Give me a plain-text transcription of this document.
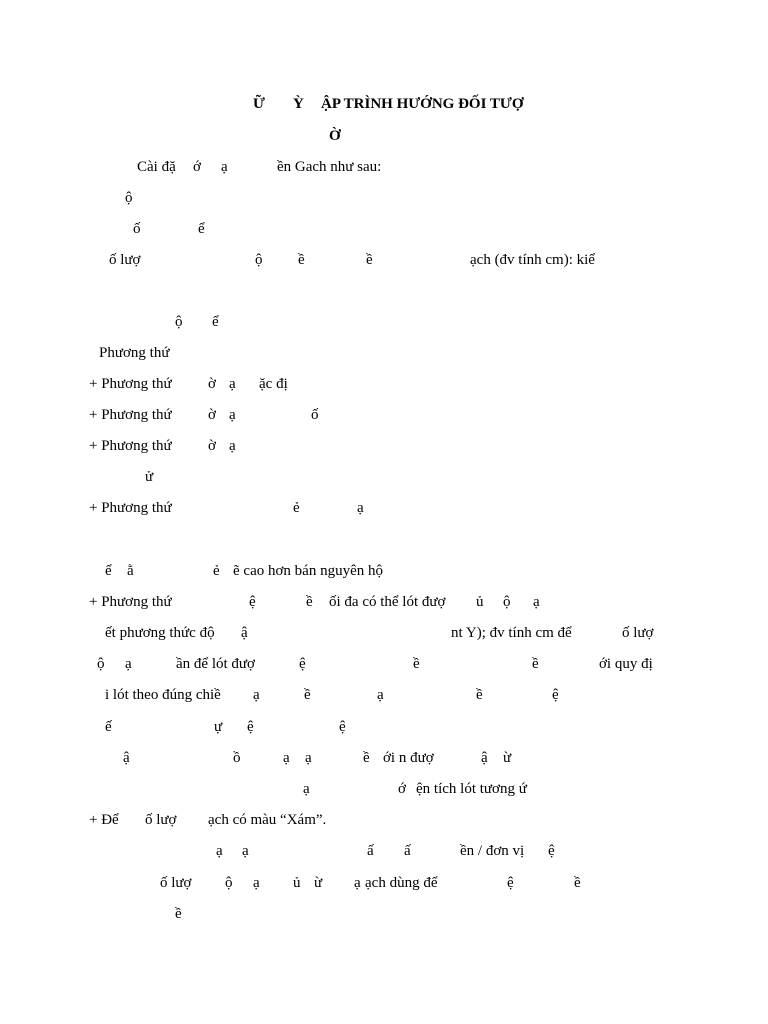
Ữ Ỳ ẬP TRÌNH HƯỚNG ĐỐI TƯỢ
Ờ
Cài đặ ớ ạ	ền Gach như sau:
ộ
ố	ể
ố lượ	ộ ề	ề	ạch (đv tính cm): kiể
ộ ể
Phương thứ
+ Phương thứ ờ ạ ặc đị
+ Phương thứ ờ ạ	ố
+ Phương thứ ờ ạ
ử
+ Phương thứ	ẻ	ạ
ể ằ	ẻ ẽ cao hơn bán nguyên hộ
+ Phương thứ	ệ	ề ối đa có thể lót đượ ủ ộ ạ
ết phương thức độ ậ	nt Y); đv tính cm để	ố lượ
ộ ạ	ần để lót đượ	ệ	ề	ề	ới quy đị
i lót theo đúng chiề ạ	ề	ạ	ề	ệ
ế	ự ệ	ệ
ậ	ồ	ạ ạ	ề ới n đượ	ậ ừ
ạ	ớ ện tích lót tương ứ
+ Để ố lượ ạch có màu “Xám”.
ạ ạ	ấ ấ	ền / đơn vị ệ
ố lượ ộ ạ ủ ừ ạ ạch dùng để	ệ	ề
ề
